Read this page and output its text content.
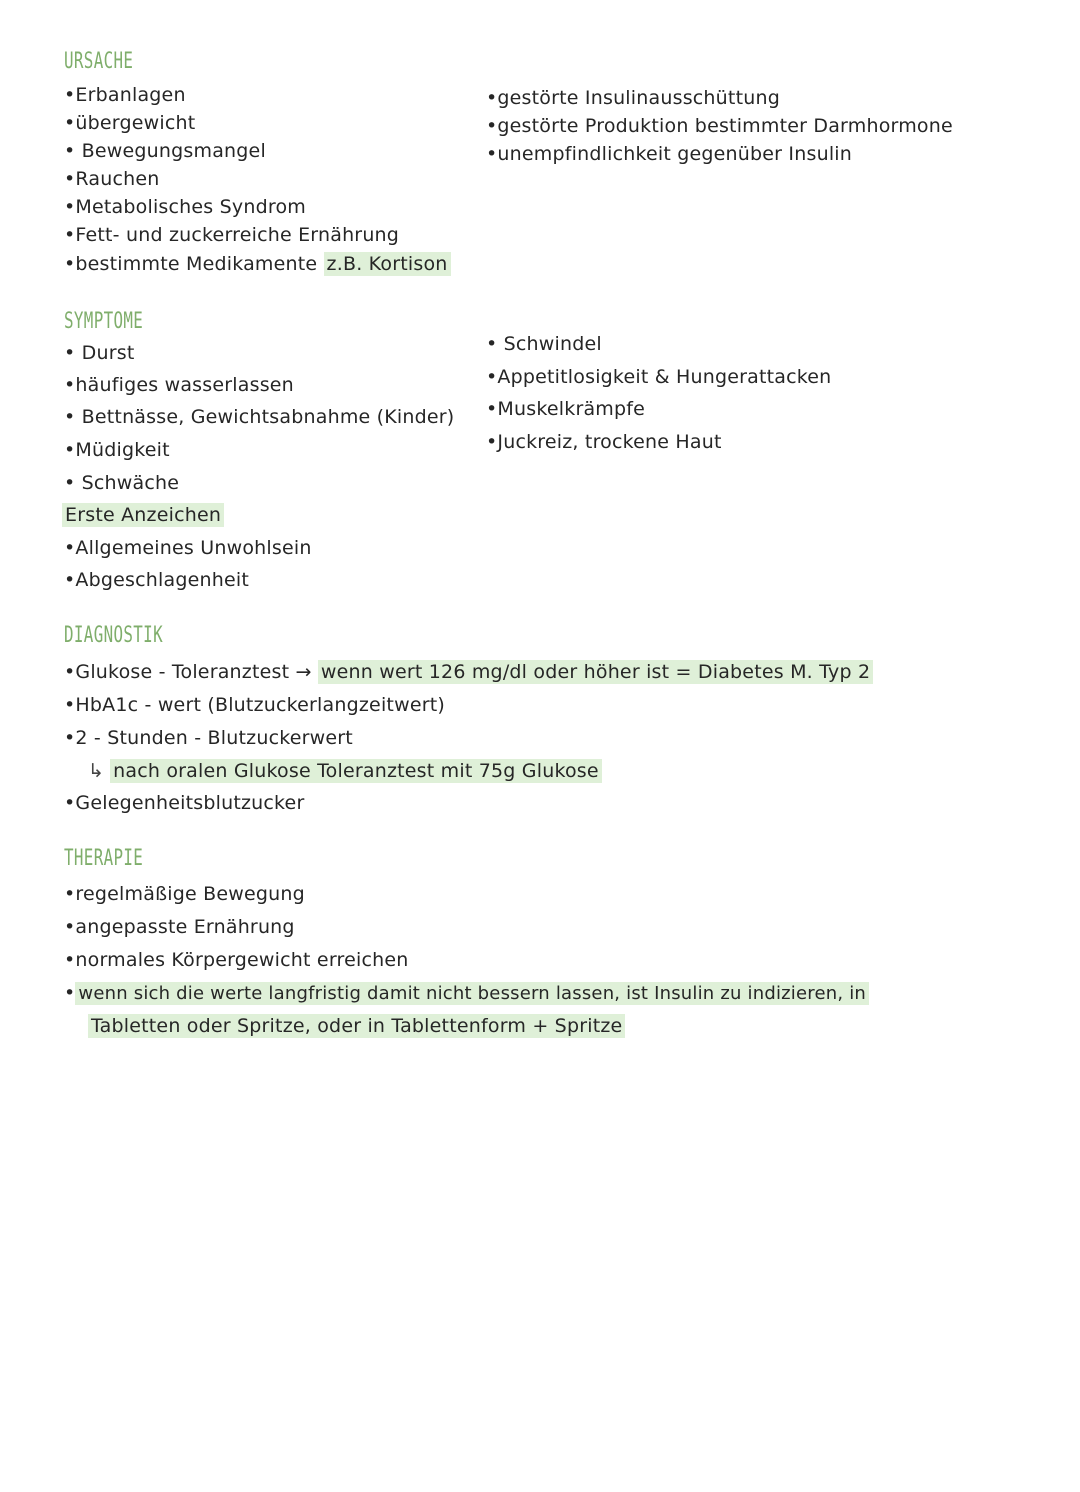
URSACHE
•Erbanlagen
•übergewicht
• Bewegungsmangel
•Rauchen
•Metabolisches Syndrom
•Fett- und zuckerreiche Ernährung
•bestimmte Medikamente z.B. Kortison
•gestörte Insulinausschüttung
•gestörte Produktion bestimmter Darmhormone
•unempfindlichkeit gegenüber Insulin
SYMPTOME
• Durst
•häufiges wasserlassen
• Bettnässe, Gewichtsabnahme (Kinder)
•Müdigkeit
• Schwäche
• Schwindel
•Appetitlosigkeit & Hungerattacken
•Muskelkrämpfe
•Juckreiz, trockene Haut
Erste Anzeichen
•Allgemeines Unwohlsein
•Abgeschlagenheit
DIAGNOSTIK
•Glukose - Toleranztest → wenn wert 126 mg/dl oder höher ist = Diabetes M. Typ 2
•HbA1c - wert (Blutzuckerlangzeitwert)
•2 - Stunden - Blutzuckerwert
↳ nach oralen Glukose Toleranztest mit 75g Glukose
•Gelegenheitsblutzucker
THERAPIE
•regelmäßige Bewegung
•angepasste Ernährung
•normales Körpergewicht erreichen
• wenn sich die werte langfristig damit nicht bessern lassen, ist Insulin zu indizieren, in
Tabletten oder Spritze, oder in Tablettenform + Spritze
